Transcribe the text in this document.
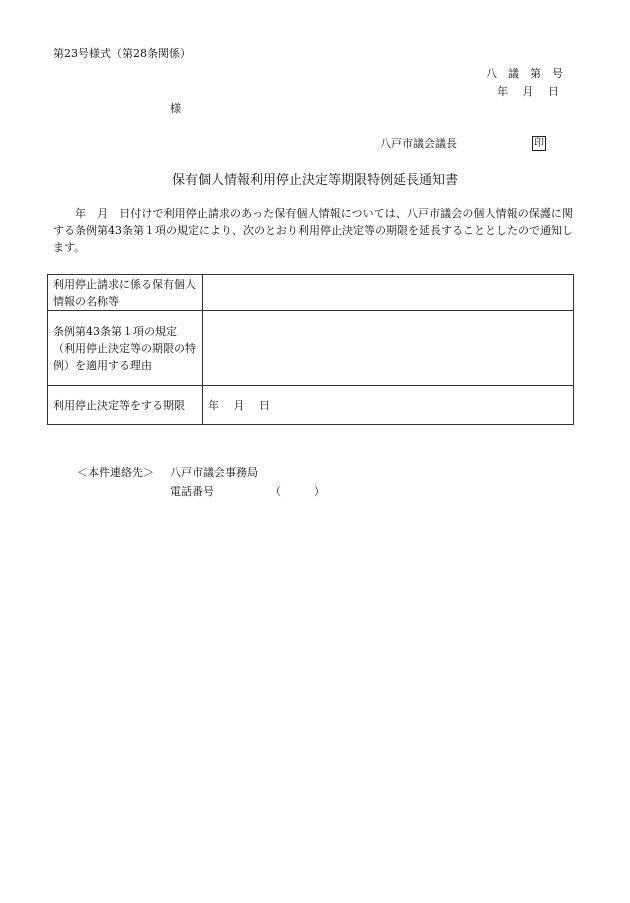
第23号様式（第28条関係）
八　議　第　号
年　 月　 日
様
八戸市議会議長	印
保有個人情報利用停止決定等期限特例延長通知書
年　月　日付けで利用停止請求のあった保有個人情報については、八戸市議会の個人情報の保護に関する条例第43条第１項の規定により、次のとおり利用停止決定等の期限を延長することとしたので通知します。
利用停止請求に係る保有個人情報の名称等	
条例第43条第１項の規定（利用停止決定等の期限の特例）を適用する理由	
利用停止決定等をする期限	年　 月　 日
＜本件連絡先＞ 八戸市議会事務局
電話番号	（　　　）
